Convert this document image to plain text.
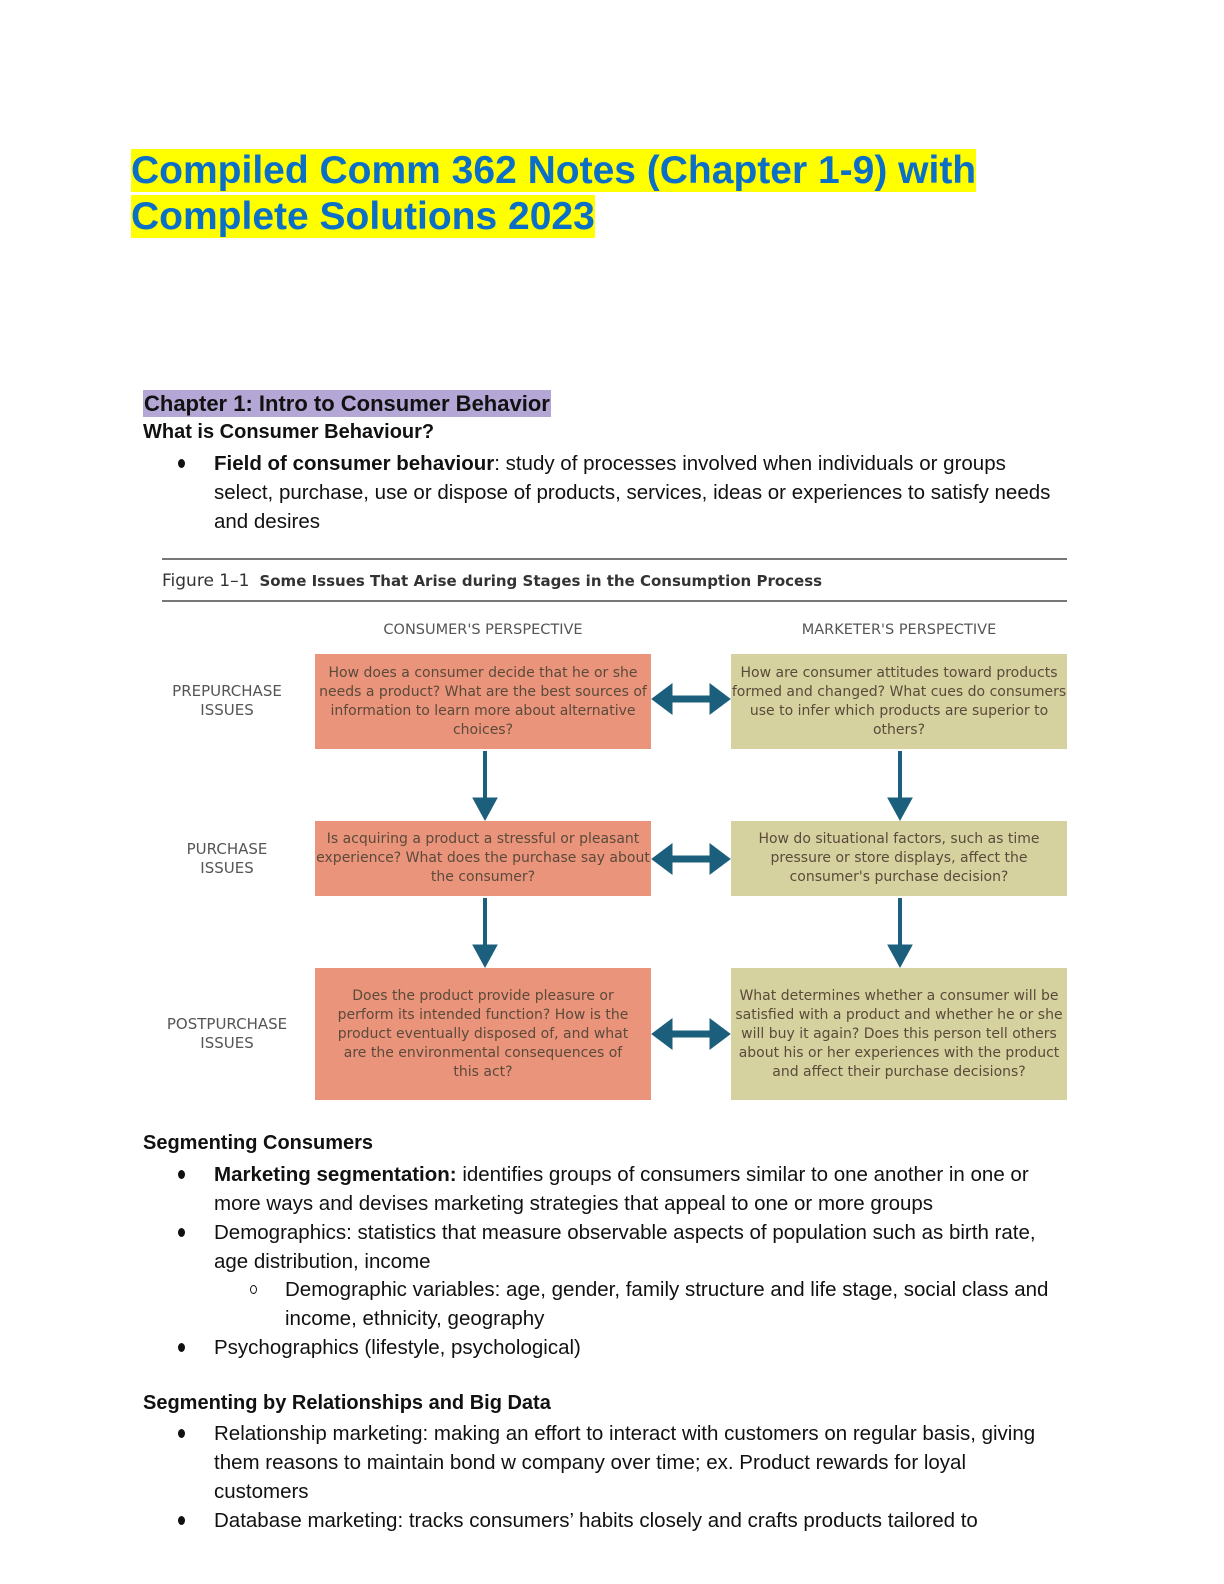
Compiled Comm 362 Notes (Chapter 1-9) with
Complete Solutions 2023
Chapter 1: Intro to Consumer Behavior
What is Consumer Behaviour?
Field of consumer behaviour: study of processes involved when individuals or groups select, purchase, use or dispose of products, services, ideas or experiences to satisfy needs and desires
Figure 1–1 Some Issues That Arise during Stages in the Consumption Process
CONSUMER'S PERSPECTIVE	MARKETER'S PERSPECTIVE
PREPURCHASE ISSUES
How does a consumer decide that he or she needs a product? What are the best sources of information to learn more about alternative choices?
How are consumer attitudes toward products formed and changed? What cues do consumers use to infer which products are superior to others?
PURCHASE ISSUES
Is acquiring a product a stressful or pleasant experience? What does the purchase say about the consumer?
How do situational factors, such as time pressure or store displays, affect the consumer's purchase decision?
POSTPURCHASE ISSUES
Does the product provide pleasure or perform its intended function? How is the product eventually disposed of, and what are the environmental consequences of this act?
What determines whether a consumer will be satisfied with a product and whether he or she will buy it again? Does this person tell others about his or her experiences with the product and affect their purchase decisions?
Segmenting Consumers
Marketing segmentation: identifies groups of consumers similar to one another in one or more ways and devises marketing strategies that appeal to one or more groups
Demographics: statistics that measure observable aspects of population such as birth rate, age distribution, income
Demographic variables: age, gender, family structure and life stage, social class and income, ethnicity, geography
Psychographics (lifestyle, psychological)
Segmenting by Relationships and Big Data
Relationship marketing: making an effort to interact with customers on regular basis, giving them reasons to maintain bond w company over time; ex. Product rewards for loyal customers
Database marketing: tracks consumers’ habits closely and crafts products tailored to
